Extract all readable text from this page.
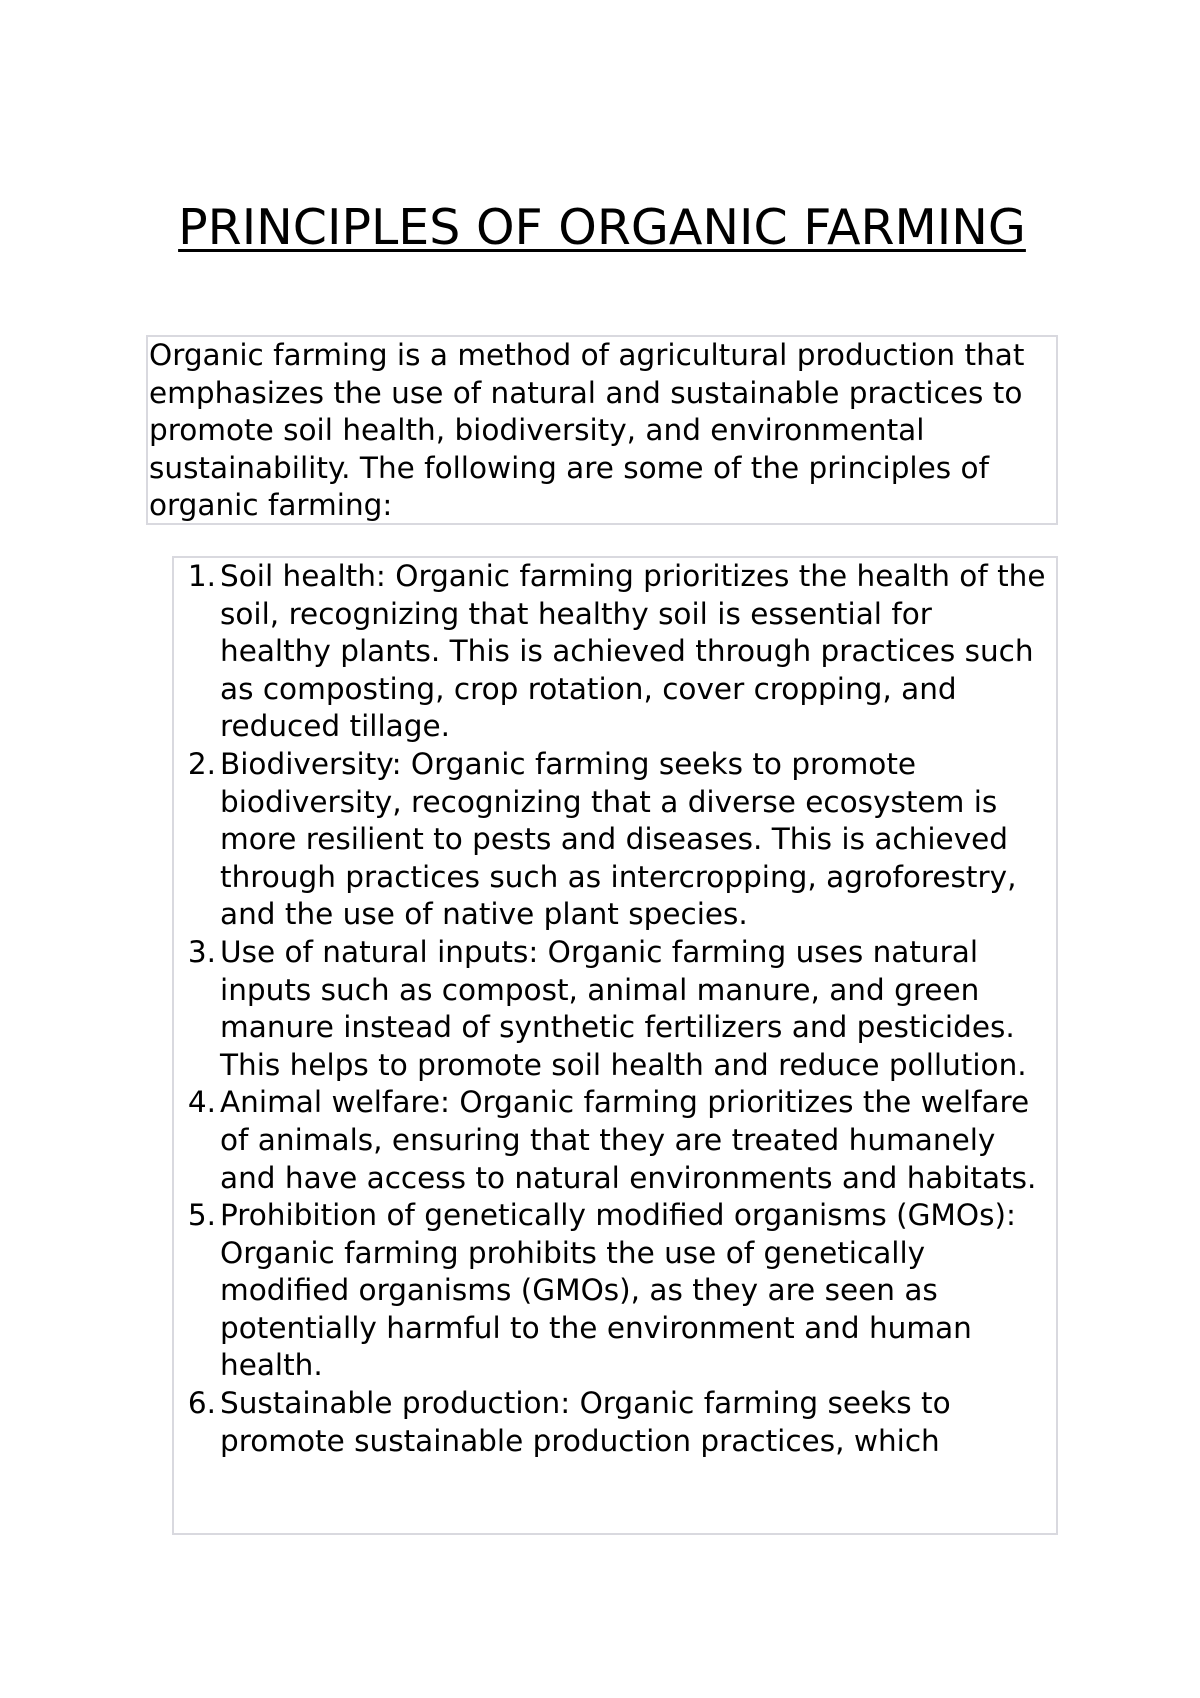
PRINCIPLES OF ORGANIC FARMING

Organic farming is a method of agricultural production that emphasizes the use of natural and sustainable practices to promote soil health, biodiversity, and environmental sustainability. The following are some of the principles of organic farming:

1. Soil health: Organic farming prioritizes the health of the soil, recognizing that healthy soil is essential for healthy plants. This is achieved through practices such as composting, crop rotation, cover cropping, and reduced tillage.
2. Biodiversity: Organic farming seeks to promote biodiversity, recognizing that a diverse ecosystem is more resilient to pests and diseases. This is achieved through practices such as intercropping, agroforestry, and the use of native plant species.
3. Use of natural inputs: Organic farming uses natural inputs such as compost, animal manure, and green manure instead of synthetic fertilizers and pesticides. This helps to promote soil health and reduce pollution.
4. Animal welfare: Organic farming prioritizes the welfare of animals, ensuring that they are treated humanely and have access to natural environments and habitats.
5. Prohibition of genetically modified organisms (GMOs): Organic farming prohibits the use of genetically modified organisms (GMOs), as they are seen as potentially harmful to the environment and human health.
6. Sustainable production: Organic farming seeks to promote sustainable production practices, which
